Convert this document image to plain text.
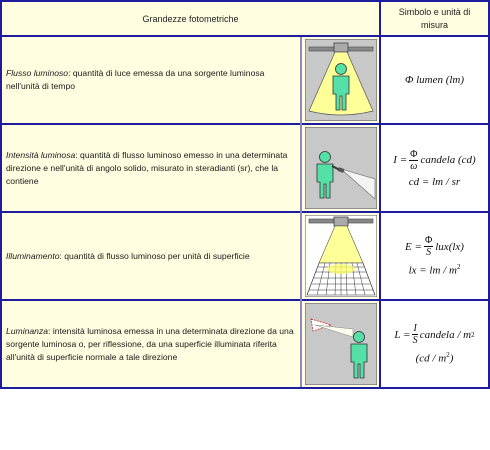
Grandezze fotometriche
Simbolo e unità di
misura
Flusso luminoso: quantità di luce emessa da una sorgente luminosa nell'unità di tempo	Φ lumen (lm)
Intensità luminosa: quantità di flusso luminoso emesso in una determinata direzione e nell'unità di angolo solido, misurato in steradianti (sr), che la contiene
$I = \frac{\Phi}{\omega}$ candela (cd)
cd = lm / sr
Illuminamento: quantità di flusso luminoso per unità di superficie
$E = \frac{\Phi}{S} lux(lx)$
lx = lm / $m^2$
Luminanza: intensità luminosa emessa in una determinata direzione da una sorgente luminosa o, per riflessione, da una superficie illuminata riferita all'unità di superficie normale a tale direzione
$L = \frac{I}{S}$ candela / m 2
$(cd / m^2)$
